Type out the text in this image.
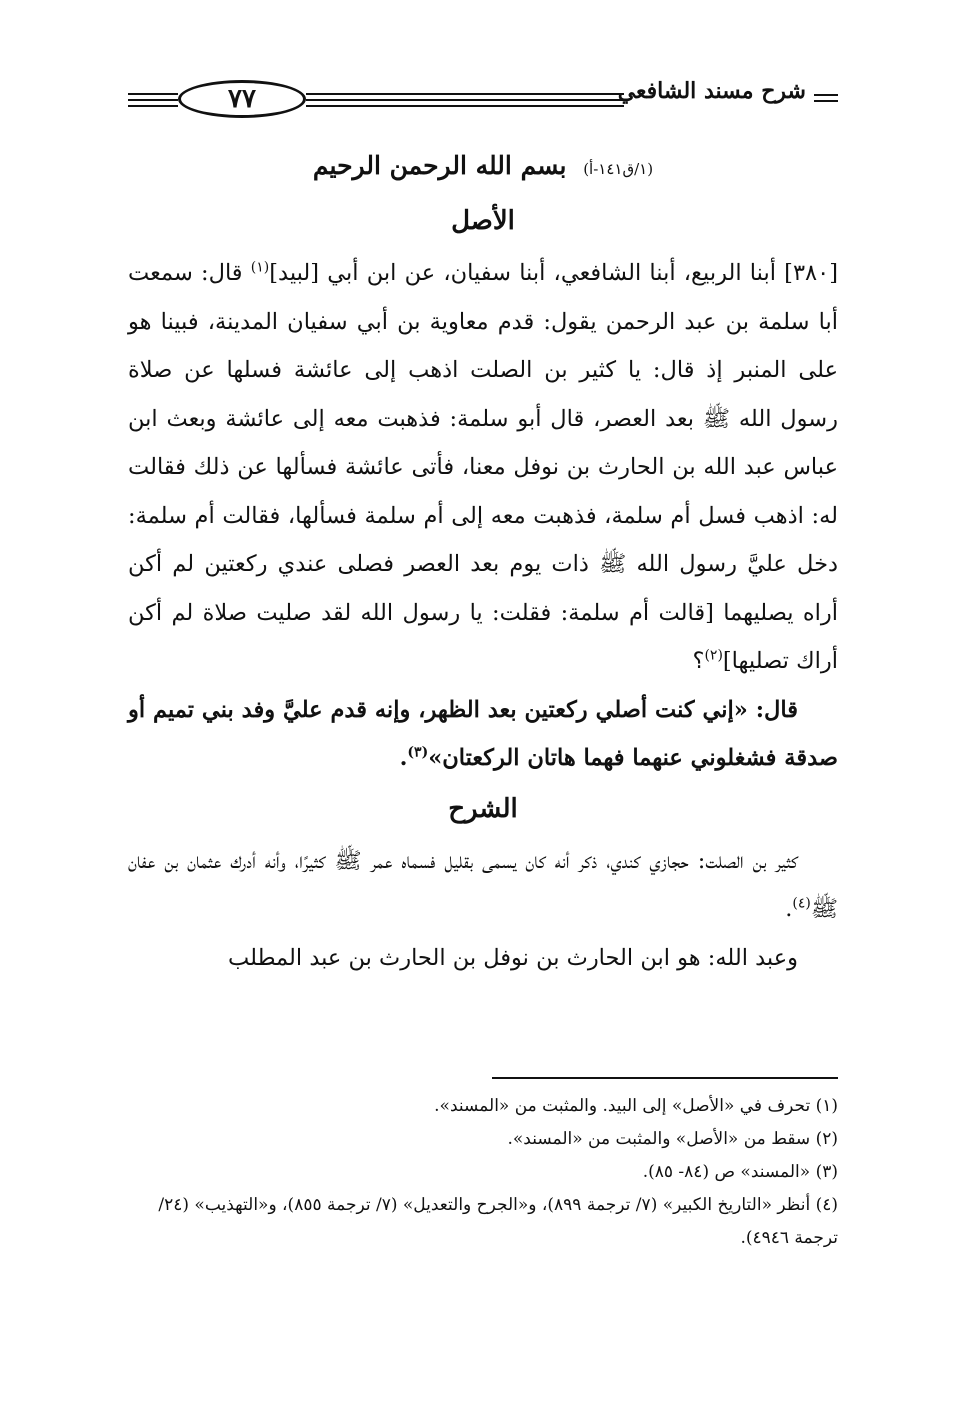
٧٧	شرح مسند الشافعي
(١/ق١٤١-أ) بسم الله الرحمن الرحيم
الأصل

[٣٨٠] أبنا الربيع، أبنا الشافعي، أبنا سفيان، عن ابن أبي [لبيد]$^{(١)}$ قال: سمعت أبا سلمة بن عبد الرحمن يقول: قدم معاوية بن أبي سفيان المدينة، فبينا هو على المنبر إذ قال: يا كثير بن الصلت اذهب إلى عائشة فسلها عن صلاة رسول الله ﷺ بعد العصر، قال أبو سلمة: فذهبت معه إلى عائشة وبعث ابن عباس عبد الله بن الحارث بن نوفل معنا، فأتى عائشة فسألها عن ذلك فقالت له: اذهب فسل أم سلمة، فذهبت معه إلى أم سلمة فسألها، فقالت أم سلمة: دخل عليَّ رسول الله ﷺ ذات يوم بعد العصر فصلى عندي ركعتين لم أكن أراه يصليهما [قالت أم سلمة: فقلت: يا رسول الله لقد صليت صلاة لم أكن أراك تصليها]$^{(٢)}$؟

قال: «إني كنت أصلي ركعتين بعد الظهر، وإنه قدم عليَّ وفد بني تميم أو صدقة فشغلوني عنهما فهما هاتان الركعتان»$^{(٣)}$.

الشرح

كثير بن الصلت: حجازي كندي، ذكر أنه كان يسمى بقليل فسماه عمر ﷺ كثيرًا، وأنه أدرك عثمان بن عفان ﷺ$^{(٤)}$.

وعبد الله: هو ابن الحارث بن نوفل بن الحارث بن عبد المطلب

(١) تحرف في «الأصل» إلى البيد. والمثبت من «المسند».

(٢) سقط من «الأصل» والمثبت من «المسند».

(٣) «المسند» ص (٨٤- ٨٥).

(٤) أنظر «التاريخ الكبير» (٧/ ترجمة ٨٩٩)، و«الجرح والتعديل» (٧/ ترجمة ٨٥٥)، و«التهذيب» (٢٤/ ترجمة ٤٩٤٦).
